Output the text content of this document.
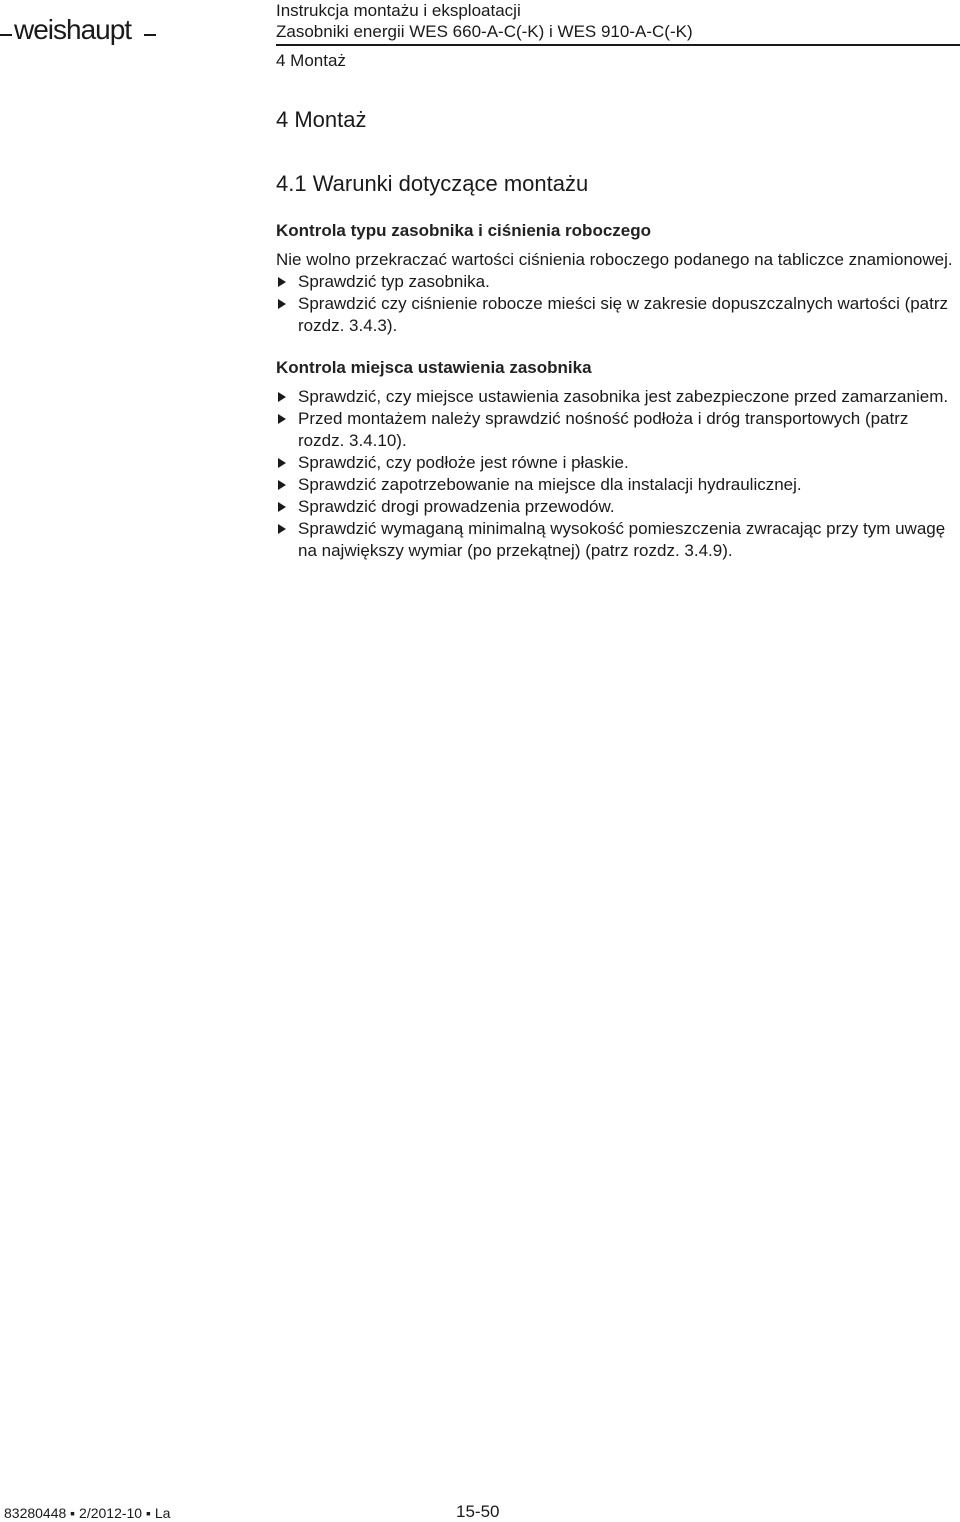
weishaupt
Instrukcja montażu i eksploatacji
Zasobniki energii WES 660-A-C(-K) i WES 910-A-C(-K)
4 Montaż
4 Montaż
4.1 Warunki dotyczące montażu
Kontrola typu zasobnika i ciśnienia roboczego

Nie wolno przekraczać wartości ciśnienia roboczego podanego na tabliczce znamionowej.

Sprawdzić typ zasobnika.
Sprawdzić czy ciśnienie robocze mieści się w zakresie dopuszczalnych wartości (patrz rozdz. 3.4.3).
Kontrola miejsca ustawienia zasobnika
Sprawdzić, czy miejsce ustawienia zasobnika jest zabezpieczone przed zamarzaniem.
Przed montażem należy sprawdzić nośność podłoża i dróg transportowych (patrz rozdz. 3.4.10).
Sprawdzić, czy podłoże jest równe i płaskie.
Sprawdzić zapotrzebowanie na miejsce dla instalacji hydraulicznej.
Sprawdzić drogi prowadzenia przewodów.
Sprawdzić wymaganą minimalną wysokość pomieszczenia zwracając przy tym uwagę na największy wymiar (po przekątnej) (patrz rozdz. 3.4.9).
83280448 ▪ 2/2012-10 ▪ La	15-50
